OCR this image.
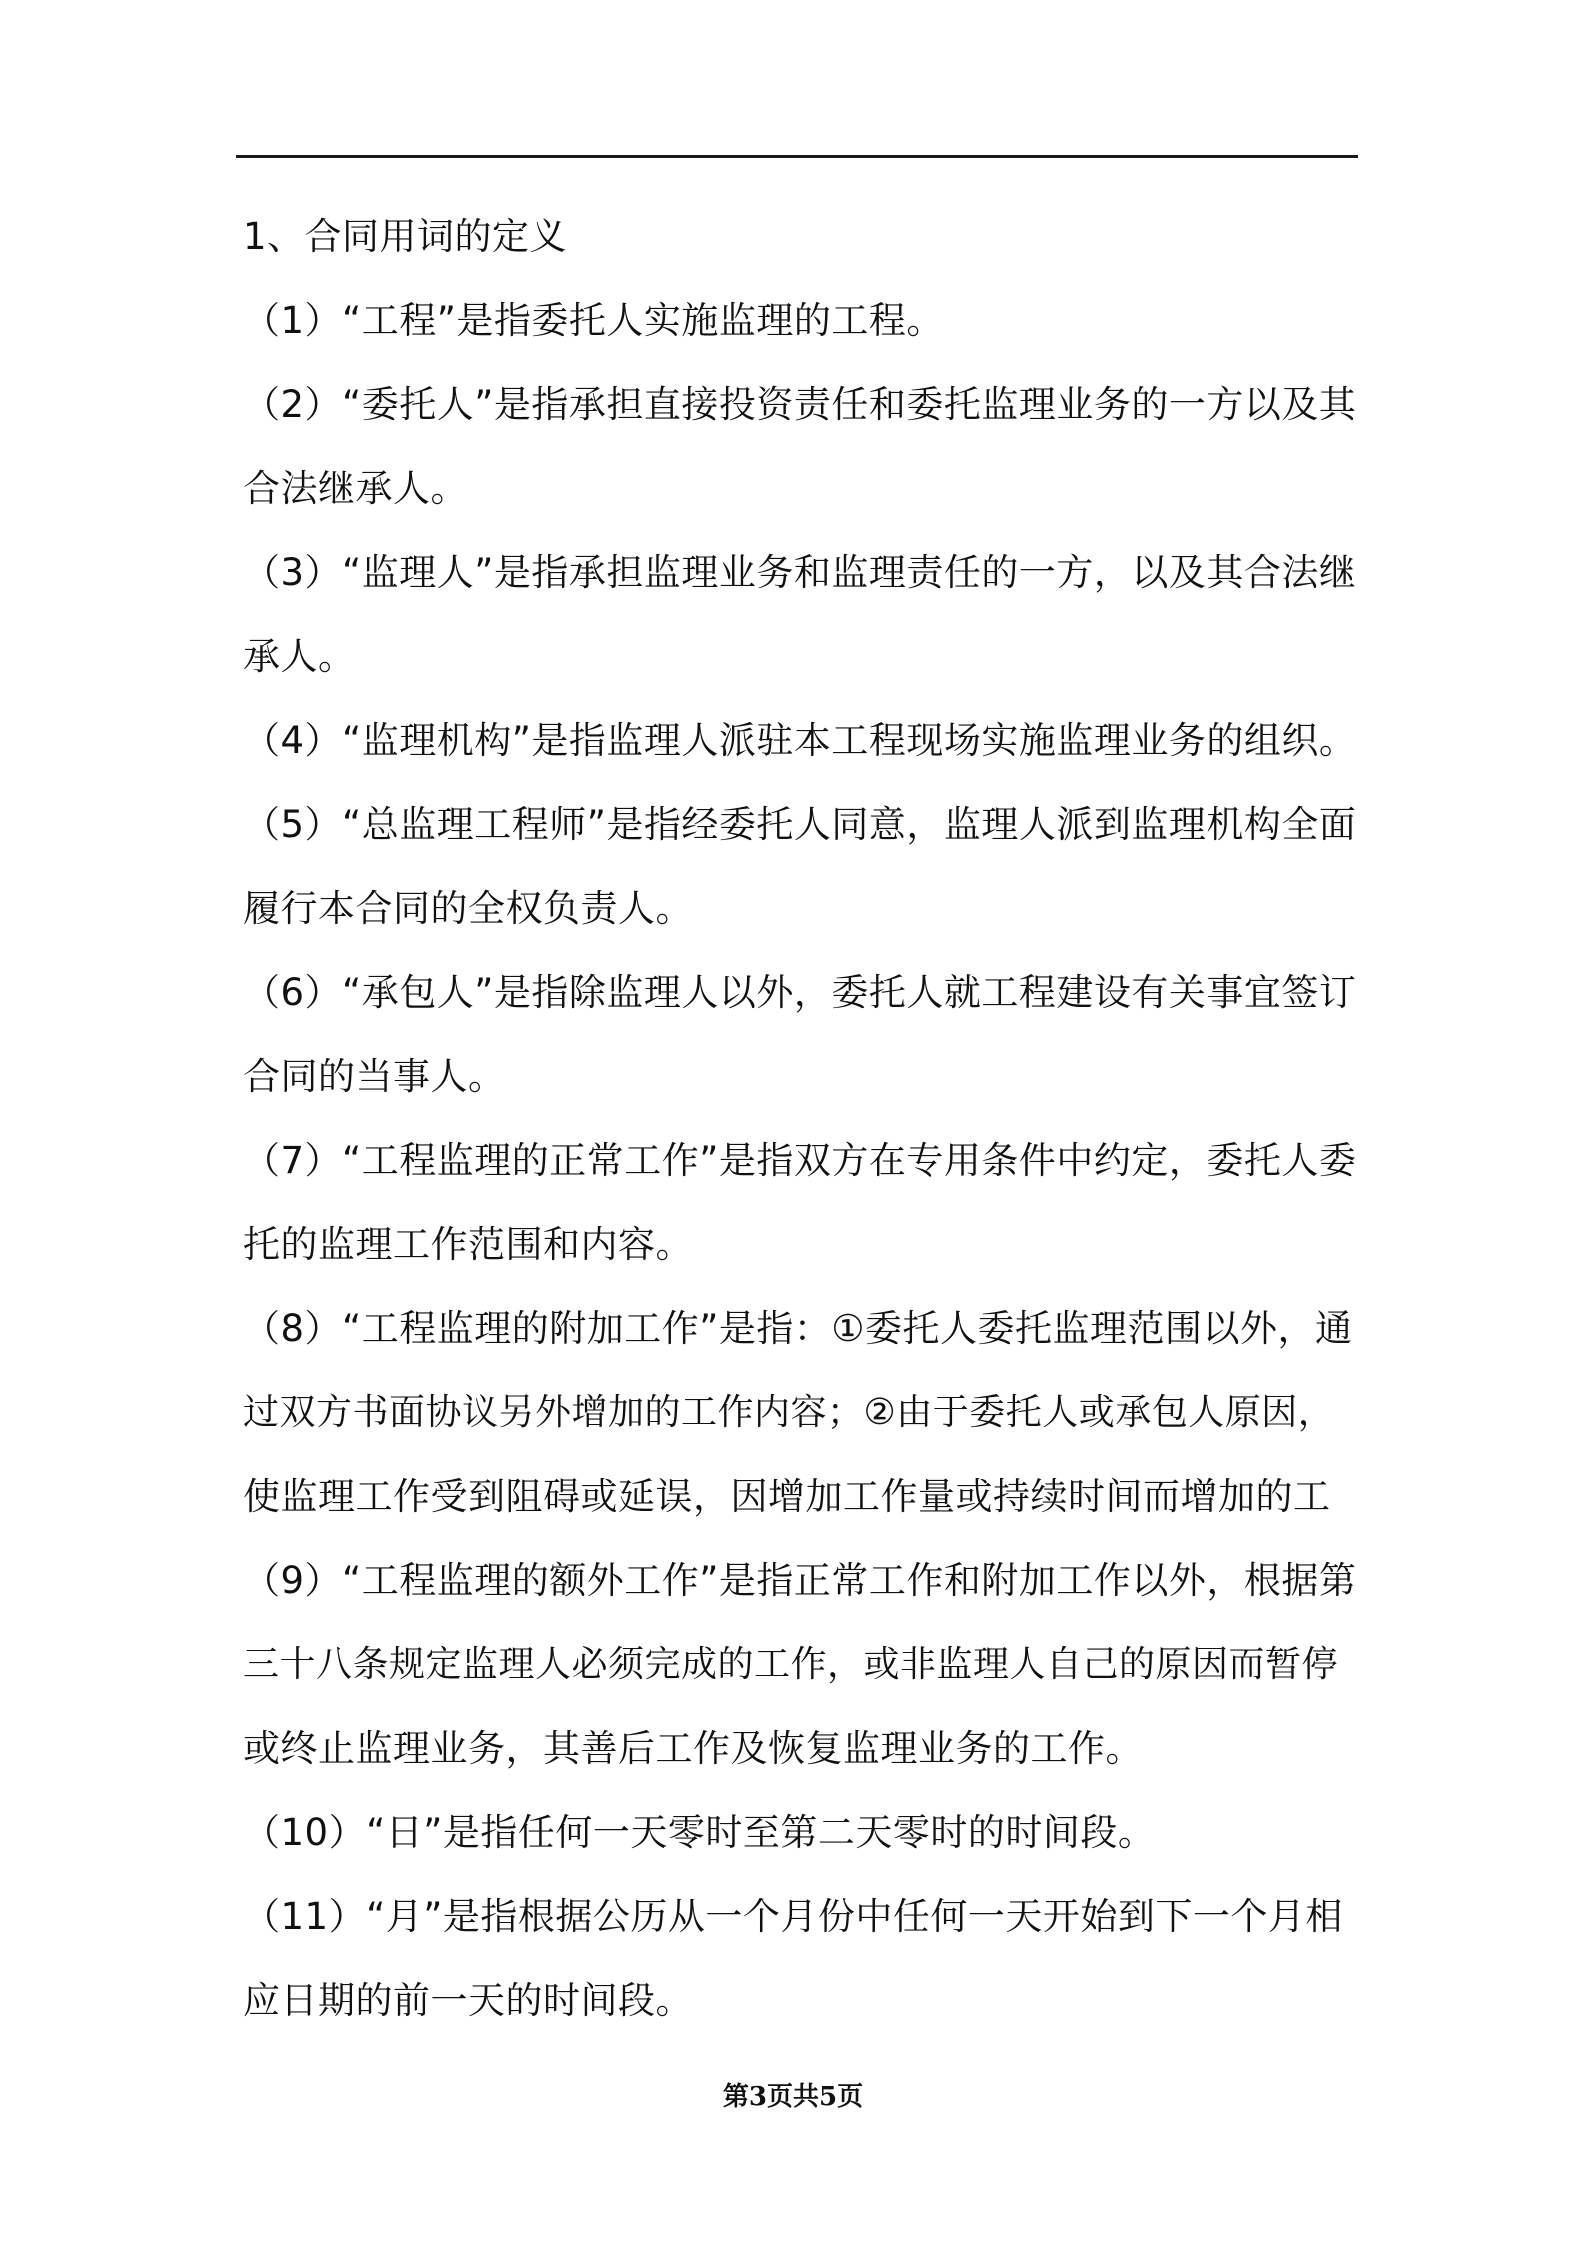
1、合同用词的定义
（1）“工程”是指委托人实施监理的工程。
（2）“委托人”是指承担直接投资责任和委托监理业务的一方以及其
合法继承人。
（3）“监理人”是指承担监理业务和监理责任的一方，以及其合法继
承人。
（4）“监理机构”是指监理人派驻本工程现场实施监理业务的组织。
（5）“总监理工程师”是指经委托人同意，监理人派到监理机构全面
履行本合同的全权负责人。
（6）“承包人”是指除监理人以外，委托人就工程建设有关事宜签订
合同的当事人。
（7）“工程监理的正常工作”是指双方在专用条件中约定，委托人委
托的监理工作范围和内容。
（8）“工程监理的附加工作”是指：①委托人委托监理范围以外，通
过双方书面协议另外增加的工作内容；②由于委托人或承包人原因，
使监理工作受到阻碍或延误，因增加工作量或持续时间而增加的工
（9）“工程监理的额外工作”是指正常工作和附加工作以外，根据第
三十八条规定监理人必须完成的工作，或非监理人自己的原因而暂停
或终止监理业务，其善后工作及恢复监理业务的工作。
（10）“日”是指任何一天零时至第二天零时的时间段。
（11）“月”是指根据公历从一个月份中任何一天开始到下一个月相
应日期的前一天的时间段。
第3页共5页
